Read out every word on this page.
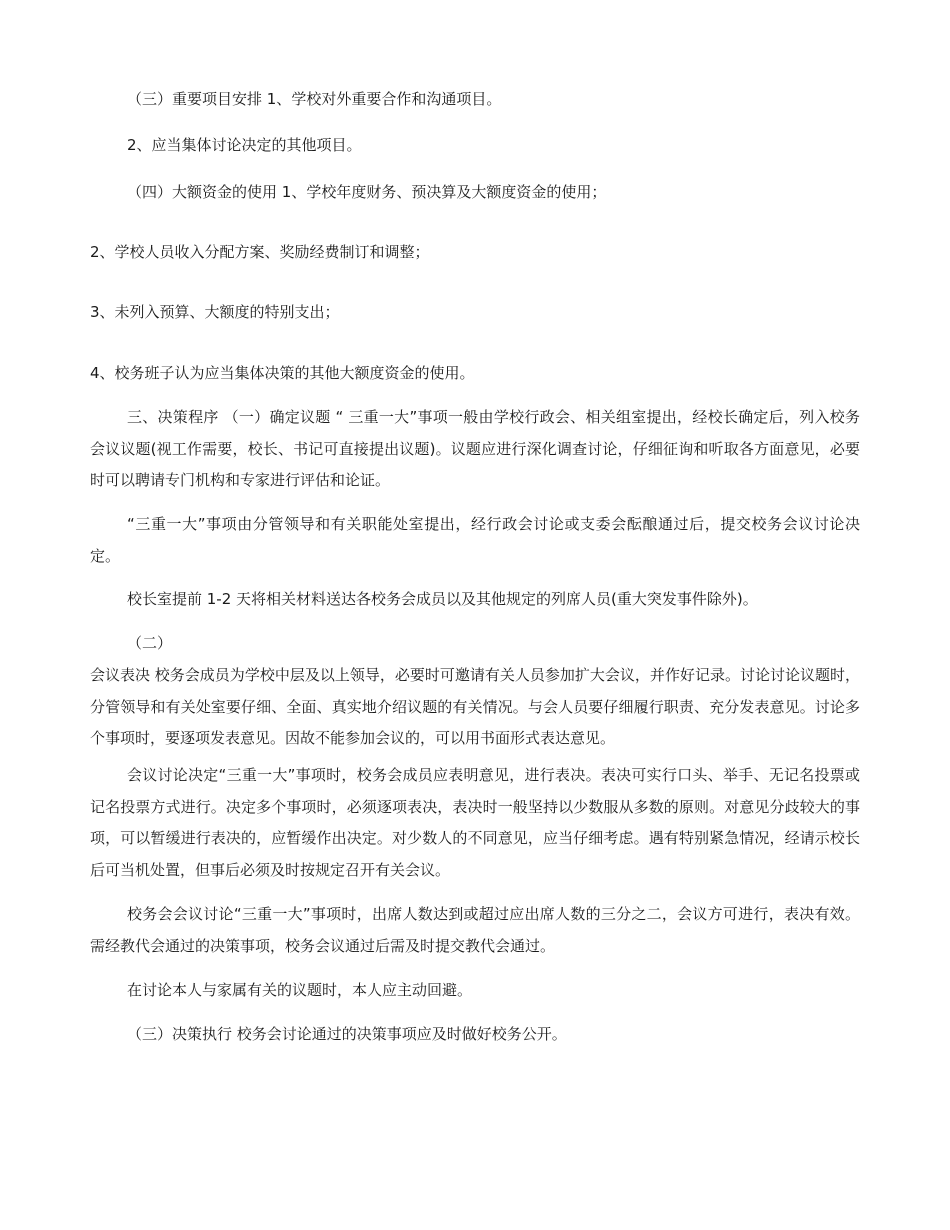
（三）重要项目安排 1、学校对外重要合作和沟通项目。

2、应当集体讨论决定的其他项目。

（四）大额资金的使用 1、学校年度财务、预决算及大额度资金的使用；

2、学校人员收入分配方案、奖励经费制订和调整；

3、未列入预算、大额度的特别支出；

4、校务班子认为应当集体决策的其他大额度资金的使用。

三、决策程序 （一）确定议题 “ 三重一大”事项一般由学校行政会、相关组室提出，经校长确定后，列入校务会议议题(视工作需要，校长、书记可直接提出议题)。议题应进行深化调查讨论，仔细征询和听取各方面意见，必要时可以聘请专门机构和专家进行评估和论证。

“三重一大”事项由分管领导和有关职能处室提出，经行政会讨论或支委会酝酿通过后，提交校务会议讨论决定。

校长室提前 1-2 天将相关材料送达各校务会成员以及其他规定的列席人员(重大突发事件除外)。

（二）

会议表决 校务会成员为学校中层及以上领导，必要时可邀请有关人员参加扩大会议，并作好记录。讨论讨论议题时，分管领导和有关处室要仔细、全面、真实地介绍议题的有关情况。与会人员要仔细履行职责、充分发表意见。讨论多个事项时，要逐项发表意见。因故不能参加会议的，可以用书面形式表达意见。

会议讨论决定“三重一大”事项时，校务会成员应表明意见，进行表决。表决可实行口头、举手、无记名投票或记名投票方式进行。决定多个事项时，必须逐项表决，表决时一般坚持以少数服从多数的原则。对意见分歧较大的事项，可以暂缓进行表决的，应暂缓作出决定。对少数人的不同意见，应当仔细考虑。遇有特别紧急情况，经请示校长后可当机处置，但事后必须及时按规定召开有关会议。

校务会会议讨论“三重一大”事项时，出席人数达到或超过应出席人数的三分之二，会议方可进行，表决有效。需经教代会通过的决策事项，校务会议通过后需及时提交教代会通过。

在讨论本人与家属有关的议题时，本人应主动回避。

（三）决策执行 校务会讨论通过的决策事项应及时做好校务公开。
